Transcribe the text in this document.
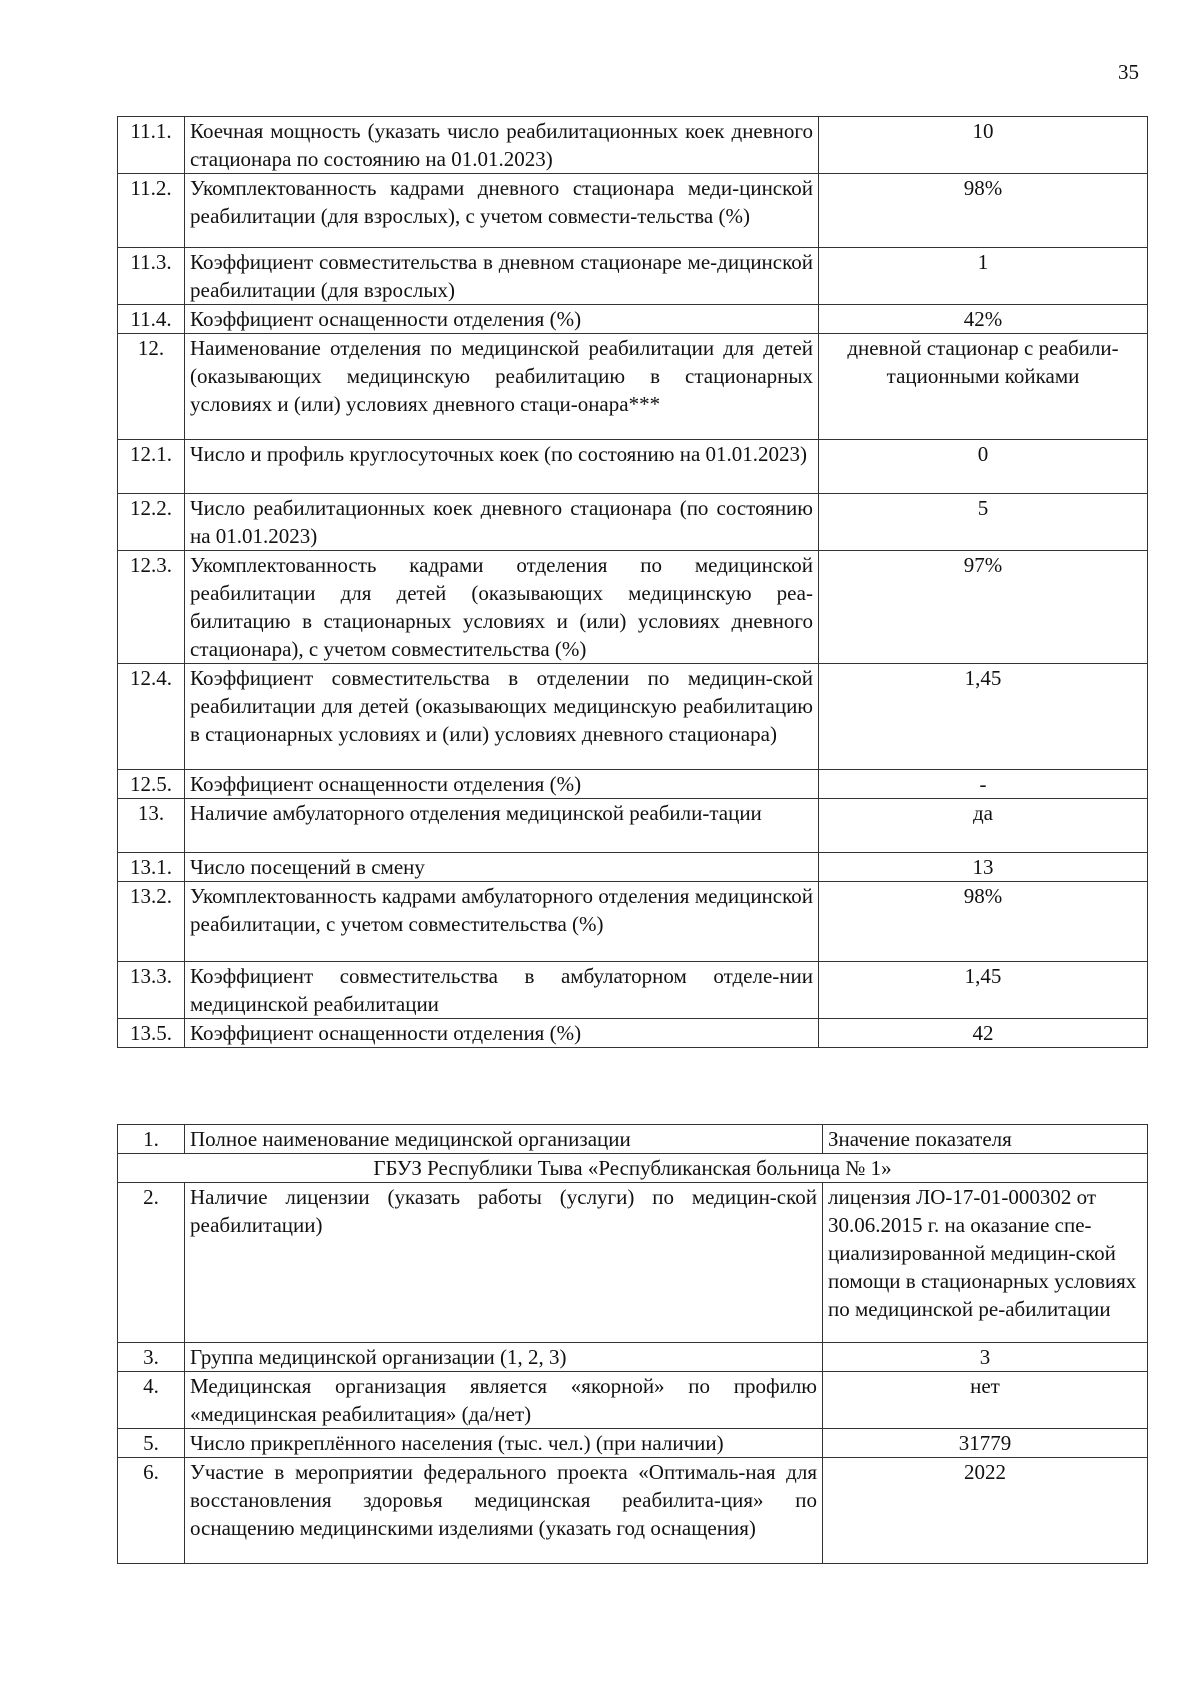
35
11.1.	Коечная мощность (указать число реабилитационных коек дневного стационара по состоянию на 01.01.2023)	10
11.2.	Укомплектованность кадрами дневного стационара меди-цинской реабилитации (для взрослых), с учетом совмести-тельства (%)	98%
11.3.	Коэффициент совместительства в дневном стационаре ме-дицинской реабилитации (для взрослых)	1
11.4.	Коэффициент оснащенности отделения (%)	42%
12.	Наименование отделения по медицинской реабилитации для детей (оказывающих медицинскую реабилитацию в стационарных условиях и (или) условиях дневного стаци-онара***	дневной стационар с реабили-тационными койками
12.1.	Число и профиль круглосуточных коек (по состоянию на 01.01.2023)	0
12.2.	Число реабилитационных коек дневного стационара (по состоянию на 01.01.2023)	5
12.3.	Укомплектованность кадрами отделения по медицинской реабилитации для детей (оказывающих медицинскую реа-билитацию в стационарных условиях и (или) условиях дневного стационара), с учетом совместительства (%)	97%
12.4.	Коэффициент совместительства в отделении по медицин-ской реабилитации для детей (оказывающих медицинскую реабилитацию в стационарных условиях и (или) условиях дневного стационара)	1,45
12.5.	Коэффициент оснащенности отделения (%)	-
13.	Наличие амбулаторного отделения медицинской реабили-тации	да
13.1.	Число посещений в смену	13
13.2.	Укомплектованность кадрами амбулаторного отделения медицинской реабилитации, с учетом совместительства (%)	98%
13.3.	Коэффициент совместительства в амбулаторном отделе-нии медицинской реабилитации	1,45
13.5.	Коэффициент оснащенности отделения (%)	42
1.	Полное наименование медицинской организации	Значение показателя
ГБУЗ Республики Тыва «Республиканская больница № 1»		
2.	Наличие лицензии (указать работы (услуги) по медицин-ской реабилитации)	лицензия ЛО-17-01-000302 от 30.06.2015 г. на оказание спе-циализированной медицин-ской помощи в стационарных условиях по медицинской ре-абилитации
3.	Группа медицинской организации (1, 2, 3)	3
4.	Медицинская организация является «якорной» по профилю «медицинская реабилитация» (да/нет)	нет
5.	Число прикреплённого населения (тыс. чел.) (при наличии)	31779
6.	Участие в мероприятии федерального проекта «Оптималь-ная для восстановления здоровья медицинская реабилита-ция» по оснащению медицинскими изделиями (указать год оснащения)	2022
